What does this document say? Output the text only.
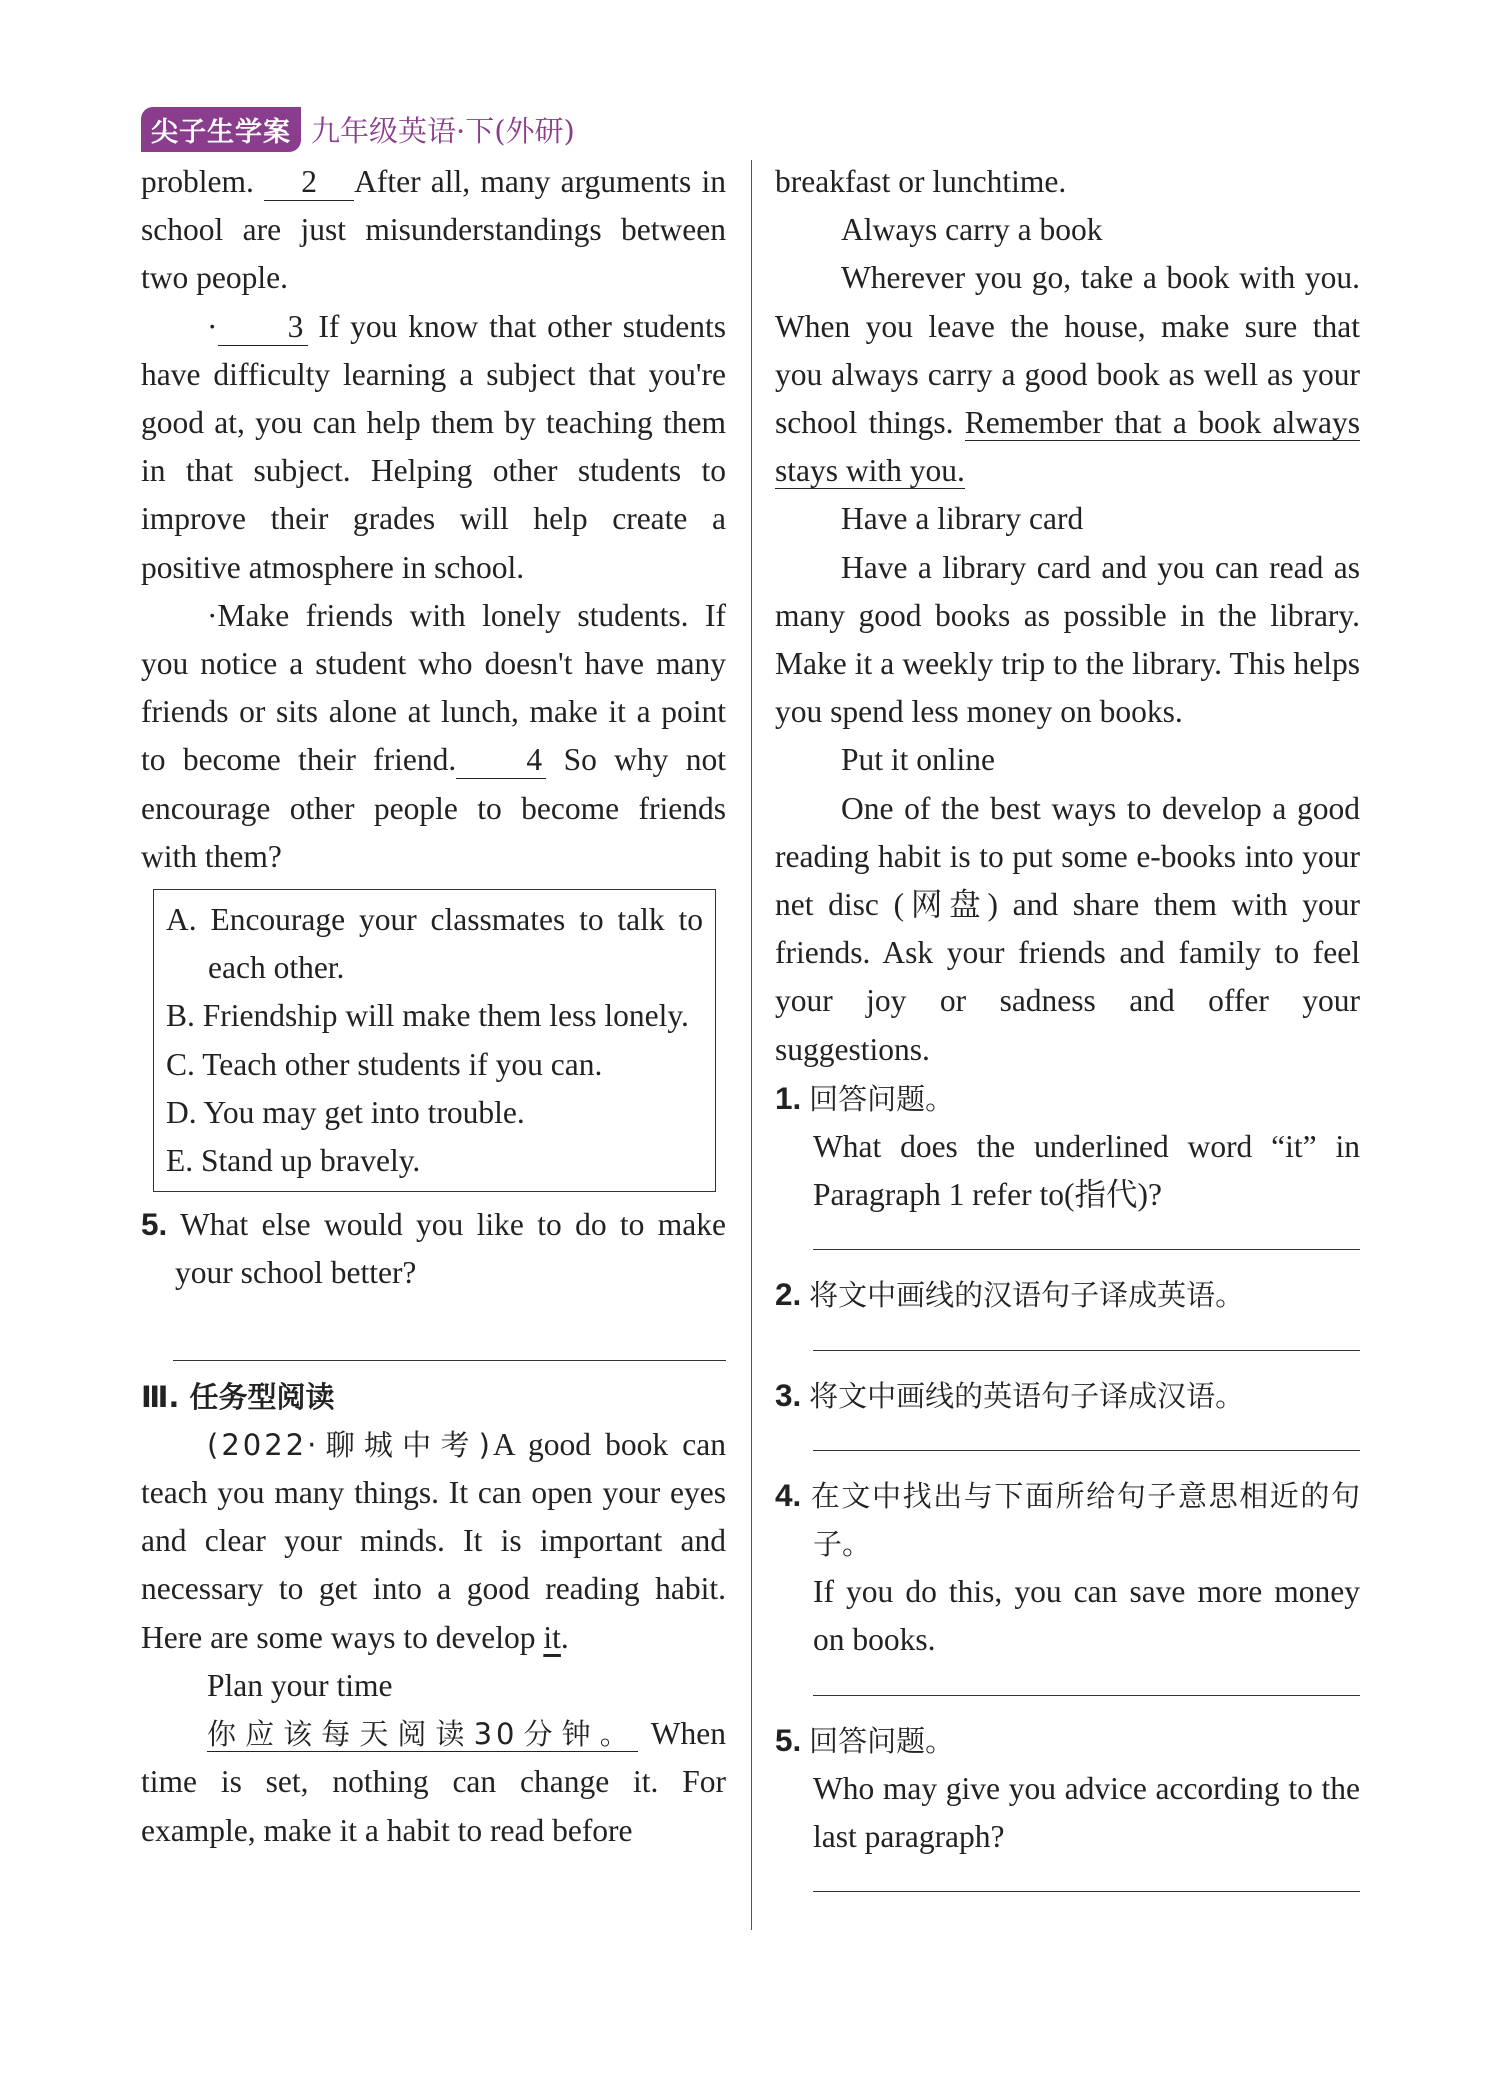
尖子生学案 九年级英语·下(外研)

problem. 2 After all, many arguments in school are just misunderstandings between two people.

· 3 If you know that other students have difficulty learning a subject that you're good at, you can help them by teaching them in that subject. Helping other students to improve their grades will help create a positive atmosphere in school.

·Make friends with lonely students. If you notice a student who doesn't have many friends or sits alone at lunch, make it a point to become their friend. 4 So why not encourage other people to become friends with them?

A. Encourage your classmates to talk to each other.
B. Friendship will make them less lonely.
C. Teach other students if you can.
D. You may get into trouble.
E. Stand up bravely.

5. What else would you like to do to make your school better?

Ⅲ. 任务型阅读

(2022·聊城中考)A good book can teach you many things. It can open your eyes and clear your minds. It is important and necessary to get into a good reading habit. Here are some ways to develop it.

Plan your time

你应该每天阅读30分钟。 When time is set, nothing can change it. For example, make it a habit to read before

breakfast or lunchtime.

Always carry a book

Wherever you go, take a book with you. When you leave the house, make sure that you always carry a good book as well as your school things. Remember that a book always stays with you.

Have a library card

Have a library card and you can read as many good books as possible in the library. Make it a weekly trip to the library. This helps you spend less money on books.

Put it online

One of the best ways to develop a good reading habit is to put some e-books into your net disc (网盘) and share them with your friends. Ask your friends and family to feel your joy or sadness and offer your suggestions.

1. 回答问题。

What does the underlined word “it” in Paragraph 1 refer to(指代)?

2. 将文中画线的汉语句子译成英语。

3. 将文中画线的英语句子译成汉语。

4. 在文中找出与下面所给句子意思相近的句子。

If you do this, you can save more money on books.

5. 回答问题。

Who may give you advice according to the last paragraph?
